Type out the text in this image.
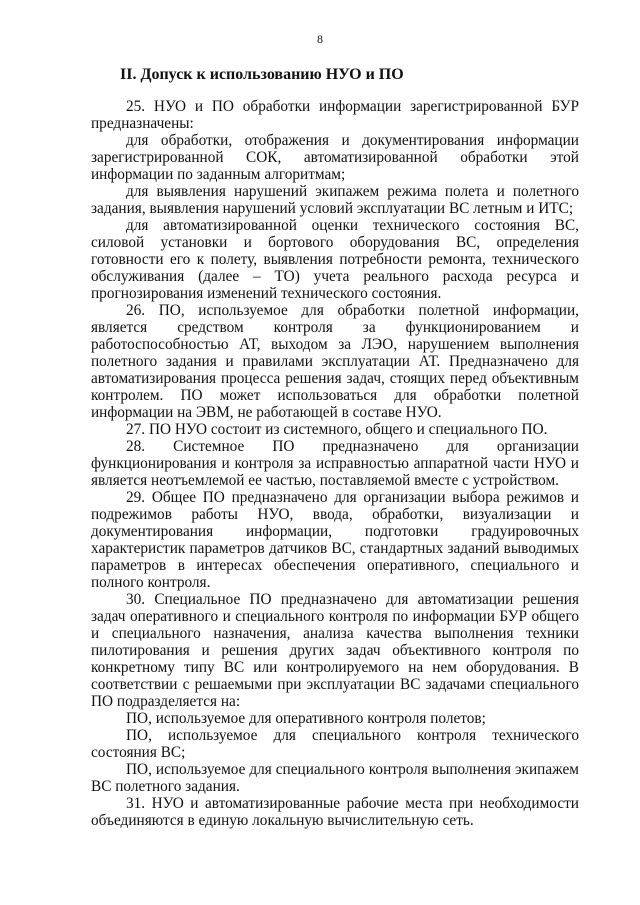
8
II. Допуск к использованию НУО и ПО

25. НУО и ПО обработки информации зарегистрированной БУР предназначены:

для обработки, отображения и документирования информации зарегистрированной СОК, автоматизированной обработки этой информации по заданным алгоритмам;

для выявления нарушений экипажем режима полета и полетного задания, выявления нарушений условий эксплуатации ВС летным и ИТС;

для автоматизированной оценки технического состояния ВС, силовой установки и бортового оборудования ВС, определения готовности его к полету, выявления потребности ремонта, технического обслуживания (далее – ТО) учета реального расхода ресурса и прогнозирования изменений технического состояния.

26. ПО, используемое для обработки полетной информации, является средством контроля за функционированием и работоспособностью АТ, выходом за ЛЭО, нарушением выполнения полетного задания и правилами эксплуатации АТ. Предназначено для автоматизирования процесса решения задач, стоящих перед объективным контролем. ПО может использоваться для обработки полетной информации на ЭВМ, не работающей в составе НУО.

27. ПО НУО состоит из системного, общего и специального ПО.

28. Системное ПО предназначено для организации функционирования и контроля за исправностью аппаратной части НУО и является неотъемлемой ее частью, поставляемой вместе с устройством.

29. Общее ПО предназначено для организации выбора режимов и подрежимов работы НУО, ввода, обработки, визуализации и документирования информации, подготовки градуировочных характеристик параметров датчиков ВС, стандартных заданий выводимых параметров в интересах обеспечения оперативного, специального и полного контроля.

30. Специальное ПО предназначено для автоматизации решения задач оперативного и специального контроля по информации БУР общего и специального назначения, анализа качества выполнения техники пилотирования и решения других задач объективного контроля по конкретному типу ВС или контролируемого на нем оборудования. В соответствии с решаемыми при эксплуатации ВС задачами специального ПО подразделяется на:

ПО, используемое для оперативного контроля полетов;

ПО, используемое для специального контроля технического состояния ВС;

ПО, используемое для специального контроля выполнения экипажем ВС полетного задания.

31. НУО и автоматизированные рабочие места при необходимости объединяются в единую локальную вычислительную сеть.
